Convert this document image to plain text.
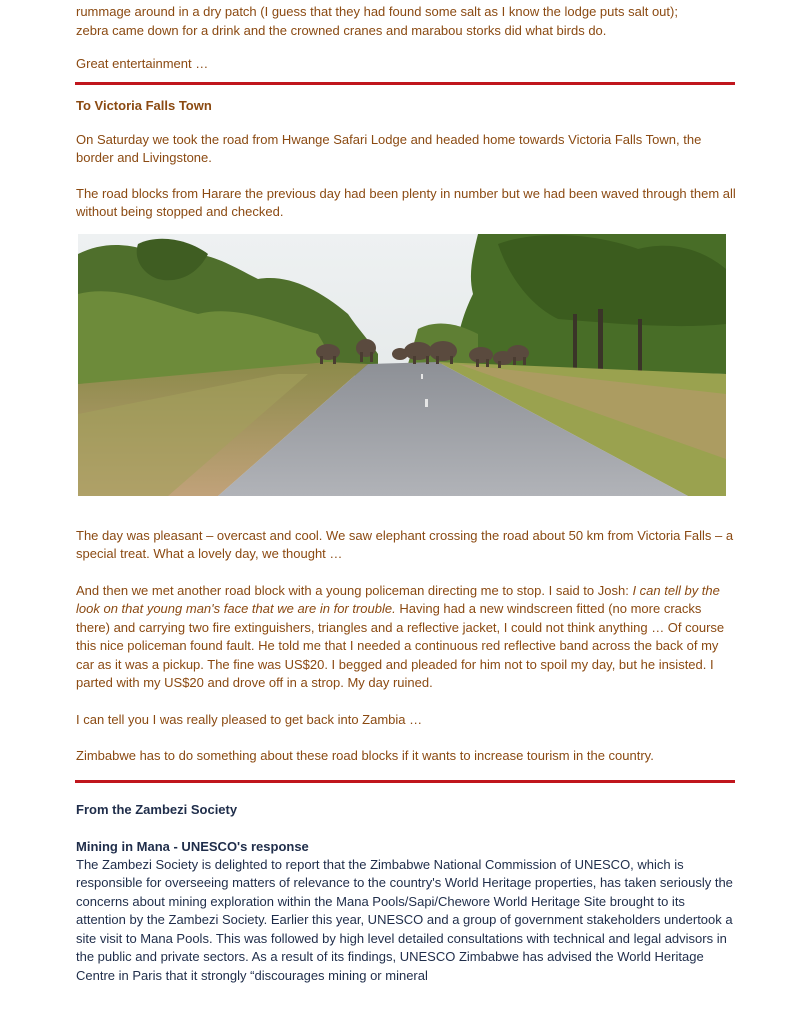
rummage around in a dry patch (I guess that they had found some salt as I know the lodge puts salt out);

zebra came down for a drink and the crowned cranes and marabou storks did what birds do.

Great entertainment …

To Victoria Falls Town

On Saturday we took the road from Hwange Safari Lodge and headed home towards Victoria Falls Town, the border and Livingstone.

The road blocks from Harare the previous day had been plenty in number but we had been waved through them all without being stopped and checked.

The day was pleasant – overcast and cool. We saw elephant crossing the road about 50 km from Victoria Falls – a special treat. What a lovely day, we thought …

And then we met another road block with a young policeman directing me to stop. I said to Josh: I can tell by the look on that young man's face that we are in for trouble. Having had a new windscreen fitted (no more cracks there) and carrying two fire extinguishers, triangles and a reflective jacket, I could not think anything … Of course this nice policeman found fault. He told me that I needed a continuous red reflective band across the back of my car as it was a pickup. The fine was US$20. I begged and pleaded for him not to spoil my day, but he insisted. I parted with my US$20 and drove off in a strop. My day ruined.

I can tell you I was really pleased to get back into Zambia …

Zimbabwe has to do something about these road blocks if it wants to increase tourism in the country.

From the Zambezi Society

Mining in Mana - UNESCO's response

The Zambezi Society is delighted to report that the Zimbabwe National Commission of UNESCO, which is responsible for overseeing matters of relevance to the country's World Heritage properties, has taken seriously the concerns about mining exploration within the Mana Pools/Sapi/Chewore World Heritage Site brought to its attention by the Zambezi Society. Earlier this year, UNESCO and a group of government stakeholders undertook a site visit to Mana Pools. This was followed by high level detailed consultations with technical and legal advisors in the public and private sectors. As a result of its findings, UNESCO Zimbabwe has advised the World Heritage Centre in Paris that it strongly “discourages mining or mineral
